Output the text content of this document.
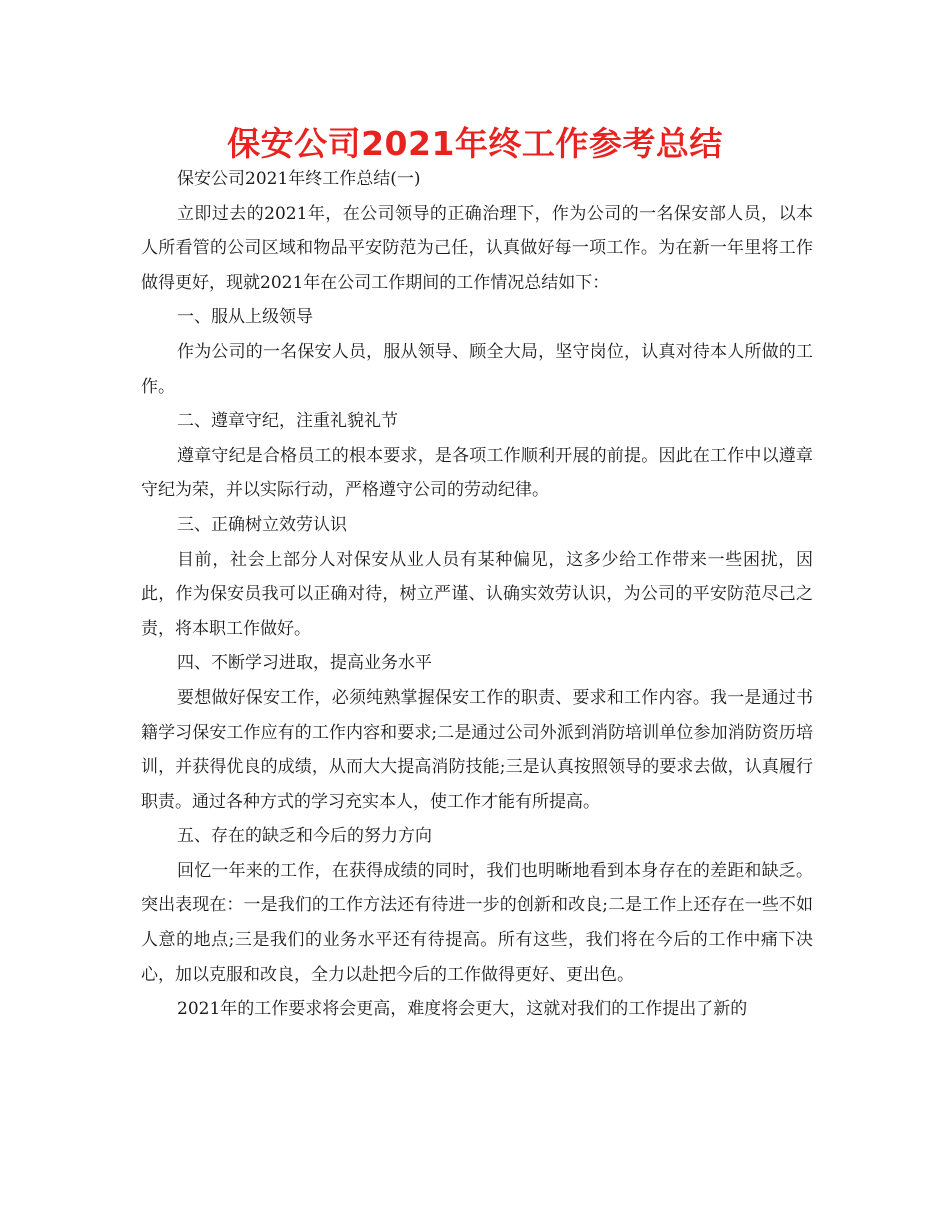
保安公司2021年终工作参考总结

保安公司2021年终工作总结(一)

立即过去的2021年，在公司领导的正确治理下，作为公司的一名保安部人员，以本人所看管的公司区域和物品平安防范为己任，认真做好每一项工作。为在新一年里将工作做得更好，现就2021年在公司工作期间的工作情况总结如下：

一、服从上级领导

作为公司的一名保安人员，服从领导、顾全大局，坚守岗位，认真对待本人所做的工作。

二、遵章守纪，注重礼貌礼节

遵章守纪是合格员工的根本要求，是各项工作顺利开展的前提。因此在工作中以遵章守纪为荣，并以实际行动，严格遵守公司的劳动纪律。

三、正确树立效劳认识

目前，社会上部分人对保安从业人员有某种偏见，这多少给工作带来一些困扰，因此，作为保安员我可以正确对待，树立严谨、认确实效劳认识，为公司的平安防范尽己之责，将本职工作做好。

四、不断学习进取，提高业务水平

要想做好保安工作，必须纯熟掌握保安工作的职责、要求和工作内容。我一是通过书籍学习保安工作应有的工作内容和要求;二是通过公司外派到消防培训单位参加消防资历培训，并获得优良的成绩，从而大大提高消防技能;三是认真按照领导的要求去做，认真履行职责。通过各种方式的学习充实本人，使工作才能有所提高。

五、存在的缺乏和今后的努力方向

回忆一年来的工作，在获得成绩的同时，我们也明晰地看到本身存在的差距和缺乏。突出表现在：一是我们的工作方法还有待进一步的创新和改良;二是工作上还存在一些不如人意的地点;三是我们的业务水平还有待提高。所有这些，我们将在今后的工作中痛下决心，加以克服和改良，全力以赴把今后的工作做得更好、更出色。

2021年的工作要求将会更高，难度将会更大，这就对我们的工作提出了新的
